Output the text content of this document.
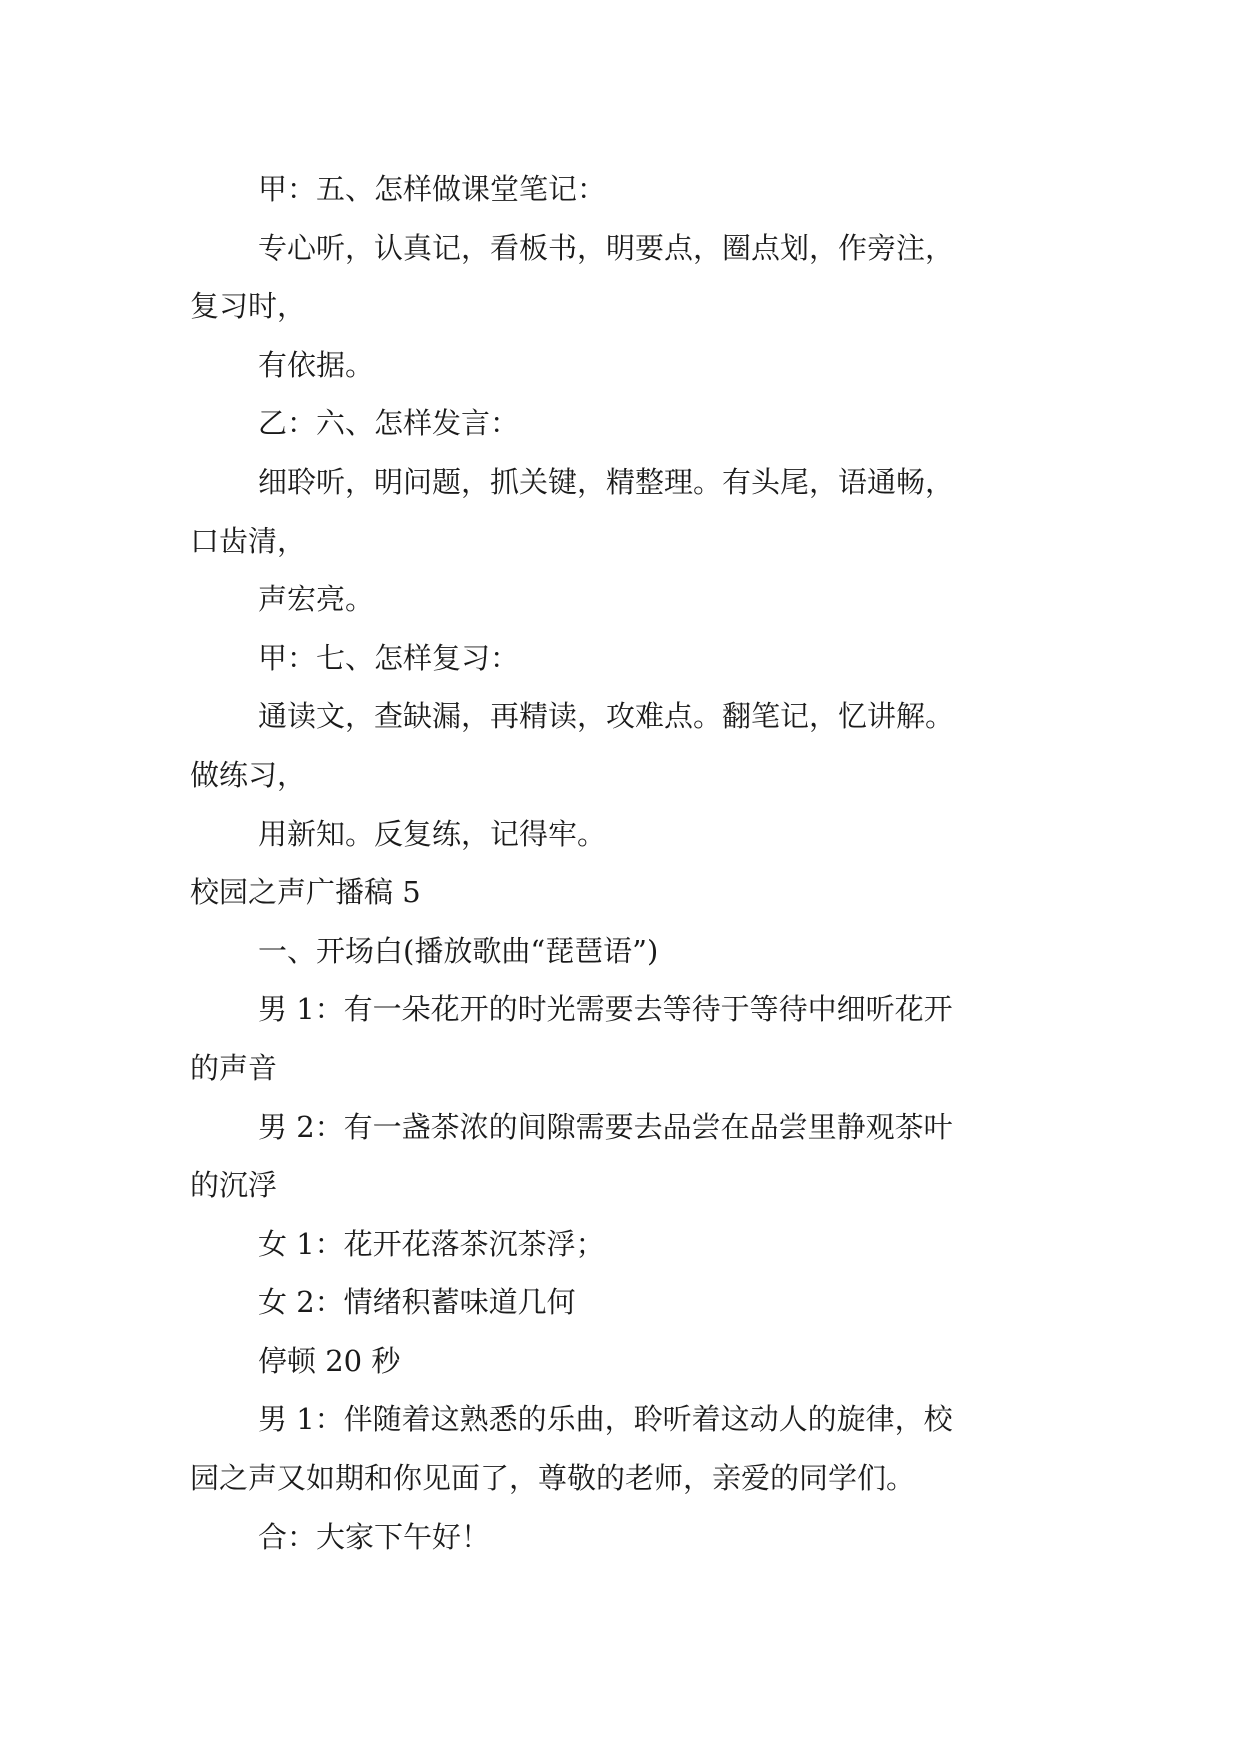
甲：五、怎样做课堂笔记：
专心听，认真记，看板书，明要点，圈点划，作旁注，
复习时，
有依据。
乙：六、怎样发言：
细聆听，明问题，抓关键，精整理。有头尾，语通畅，
口齿清，
声宏亮。
甲：七、怎样复习：
通读文，查缺漏，再精读，攻难点。翻笔记，忆讲解。
做练习，
用新知。反复练，记得牢。
校园之声广播稿 5
一、开场白(播放歌曲“琵琶语”)
男 1：有一朵花开的时光需要去等待于等待中细听花开
的声音
男 2：有一盏茶浓的间隙需要去品尝在品尝里静观茶叶
的沉浮
女 1：花开花落茶沉茶浮；
女 2：情绪积蓄味道几何
停顿 20 秒
男 1：伴随着这熟悉的乐曲，聆听着这动人的旋律，校
园之声又如期和你见面了，尊敬的老师，亲爱的同学们。
合：大家下午好！
